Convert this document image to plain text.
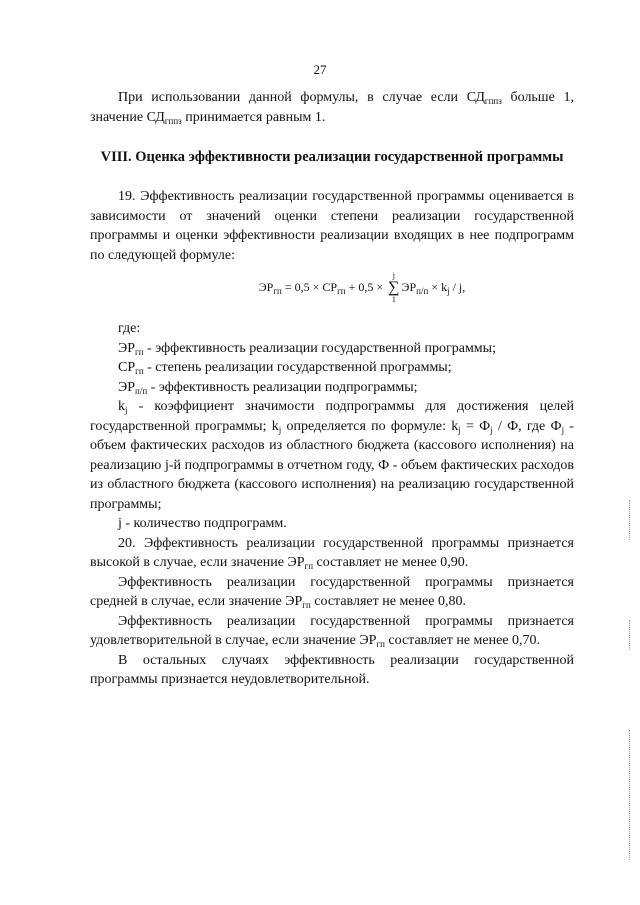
27

При использовании данной формулы, в случае если $СД_{гппз}$ больше 1, значение $СД_{гппз}$ принимается равным 1.

VIII. Оценка эффективности реализации государственной программы

19. Эффективность реализации государственной программы оценивается в зависимости от значений оценки степени реализации государственной программы и оценки эффективности реализации входящих в нее подпрограмм по следующей формуле:

$ЭР_{гп} = 0,5 \times СР_{гп} + 0,5$ ×
j
∑
1
$ЭР_{п/п} \times k_j / j$,

где:

$ЭР_{гп}$ - эффективность реализации государственной программы;

$СР_{гп}$ - степень реализации государственной программы;

$ЭР_{п/п}$ - эффективность реализации подпрограммы;

$k_j$ - коэффициент значимости подпрограммы для достижения целей государственной программы; $k_j$ определяется по формуле: $k_j = Ф_j / Ф$, где $Ф_j$ - объем фактических расходов из областного бюджета (кассового исполнения) на реализацию j-й подпрограммы в отчетном году, Ф - объем фактических расходов из областного бюджета (кассового исполнения) на реализацию государственной программы;

j - количество подпрограмм.

20. Эффективность реализации государственной программы признается высокой в случае, если значение $ЭР_{гп}$ составляет не менее 0,90.

Эффективность реализации государственной программы признается средней в случае, если значение $ЭР_{гп}$ составляет не менее 0,80.

Эффективность реализации государственной программы признается удовлетворительной в случае, если значение $ЭР_{гп}$ составляет не менее 0,70.

В остальных случаях эффективность реализации государственной программы признается неудовлетворительной.
